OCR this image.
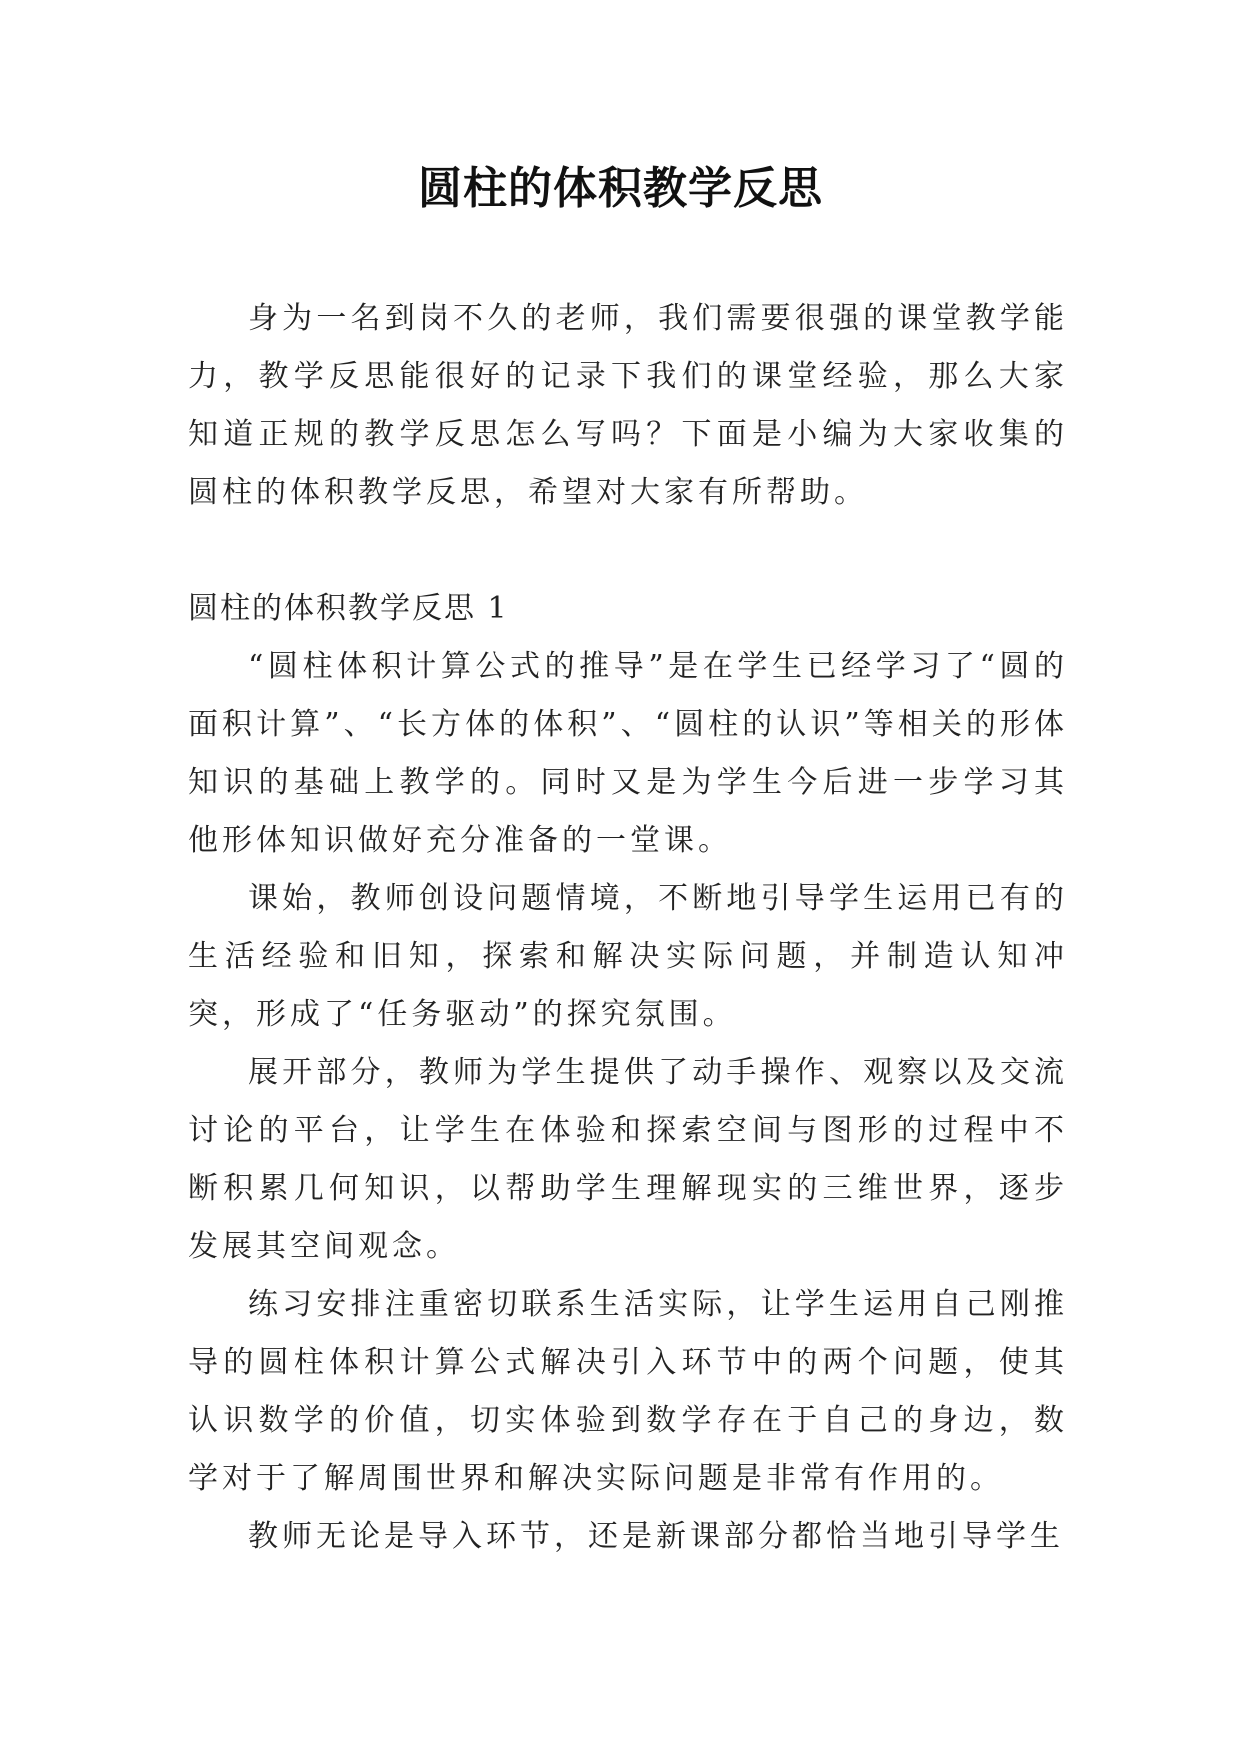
圆柱的体积教学反思

身为一名到岗不久的老师，我们需要很强的课堂教学能力，教学反思能很好的记录下我们的课堂经验，那么大家知道正规的教学反思怎么写吗？下面是小编为大家收集的圆柱的体积教学反思，希望对大家有所帮助。

圆柱的体积教学反思 1

“圆柱体积计算公式的推导”是在学生已经学习了“圆的面积计算”、“长方体的体积”、“圆柱的认识”等相关的形体知识的基础上教学的。同时又是为学生今后进一步学习其他形体知识做好充分准备的一堂课。

课始，教师创设问题情境，不断地引导学生运用已有的生活经验和旧知，探索和解决实际问题，并制造认知冲突，形成了“任务驱动”的探究氛围。

展开部分，教师为学生提供了动手操作、观察以及交流讨论的平台，让学生在体验和探索空间与图形的过程中不断积累几何知识，以帮助学生理解现实的三维世界，逐步发展其空间观念。

练习安排注重密切联系生活实际，让学生运用自己刚推导的圆柱体积计算公式解决引入环节中的两个问题，使其认识数学的价值，切实体验到数学存在于自己的身边，数学对于了解周围世界和解决实际问题是非常有作用的。

教师无论是导入环节，还是新课部分都恰当地引导学生
